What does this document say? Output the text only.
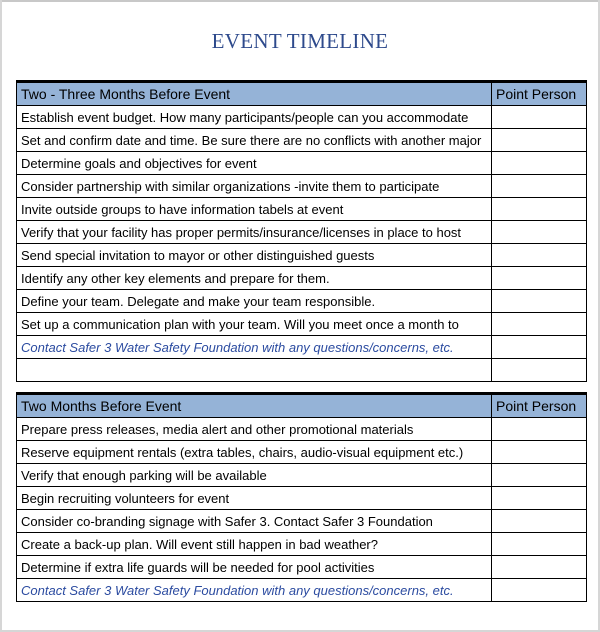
EVENT TIMELINE
Two - Three Months Before Event	Point Person
Establish event budget. How many participants/people can you accommodate	
Set and confirm date and time. Be sure there are no conflicts with another major	
Determine goals and objectives for event	
Consider partnership with similar organizations -invite them to participate	
Invite outside groups to have information tabels at event	
Verify that your facility has proper permits/insurance/licenses in place to host	
Send special invitation to mayor or other distinguished guests	
Identify any other key elements and prepare for them.	
Define your team. Delegate and make your team responsible.	
Set up a communication plan with your team. Will you meet once a month to	
Contact Safer 3 Water Safety Foundation with any questions/concerns, etc.	

Two Months Before Event	Point Person
Prepare press releases, media alert and other promotional materials	
Reserve equipment rentals (extra tables, chairs, audio-visual equipment etc.)	
Verify that enough parking will be available	
Begin recruiting volunteers for event	
Consider co-branding signage with Safer 3. Contact Safer 3 Foundation	
Create a back-up plan. Will event still happen in bad weather?	
Determine if extra life guards will be needed for pool activities	
Contact Safer 3 Water Safety Foundation with any questions/concerns, etc.	
